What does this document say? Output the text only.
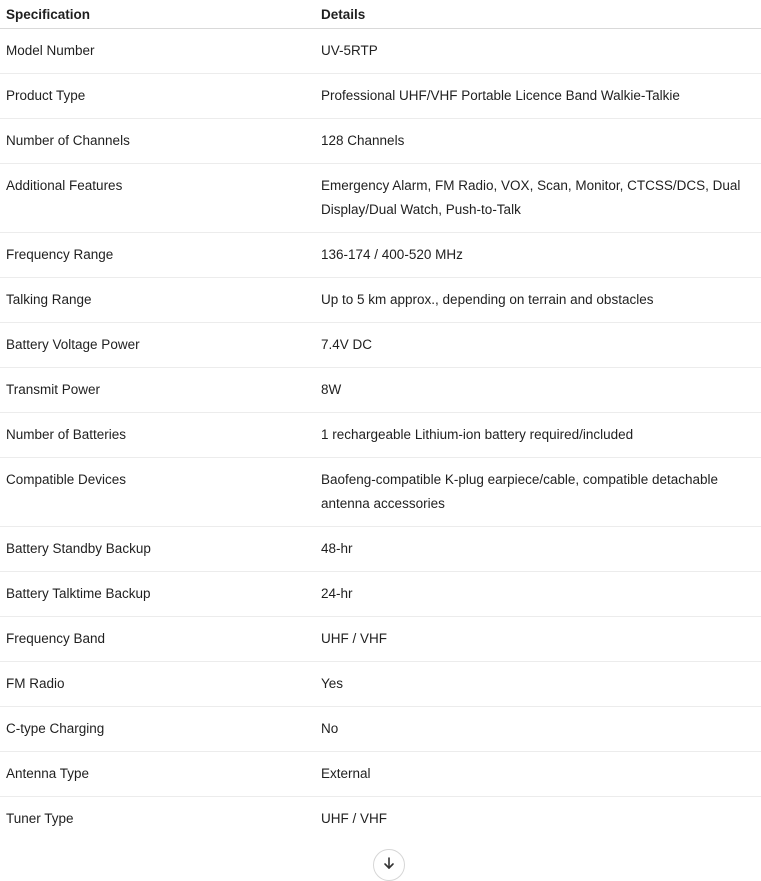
Specification	Details
Model Number	UV-5RTP
Product Type	Professional UHF/VHF Portable Licence Band Walkie-Talkie
Number of Channels	128 Channels
Additional Features	Emergency Alarm, FM Radio, VOX, Scan, Monitor, CTCSS/DCS, Dual Display/Dual Watch, Push-to-Talk
Frequency Range	136-174 / 400-520 MHz
Talking Range	Up to 5 km approx., depending on terrain and obstacles
Battery Voltage Power	7.4V DC
Transmit Power	8W
Number of Batteries	1 rechargeable Lithium-ion battery required/included
Compatible Devices	Baofeng-compatible K-plug earpiece/cable, compatible detachable antenna accessories
Battery Standby Backup	48-hr
Battery Talktime Backup	24-hr
Frequency Band	UHF / VHF
FM Radio	Yes
C-type Charging	No
Antenna Type	External
Tuner Type	UHF / VHF
